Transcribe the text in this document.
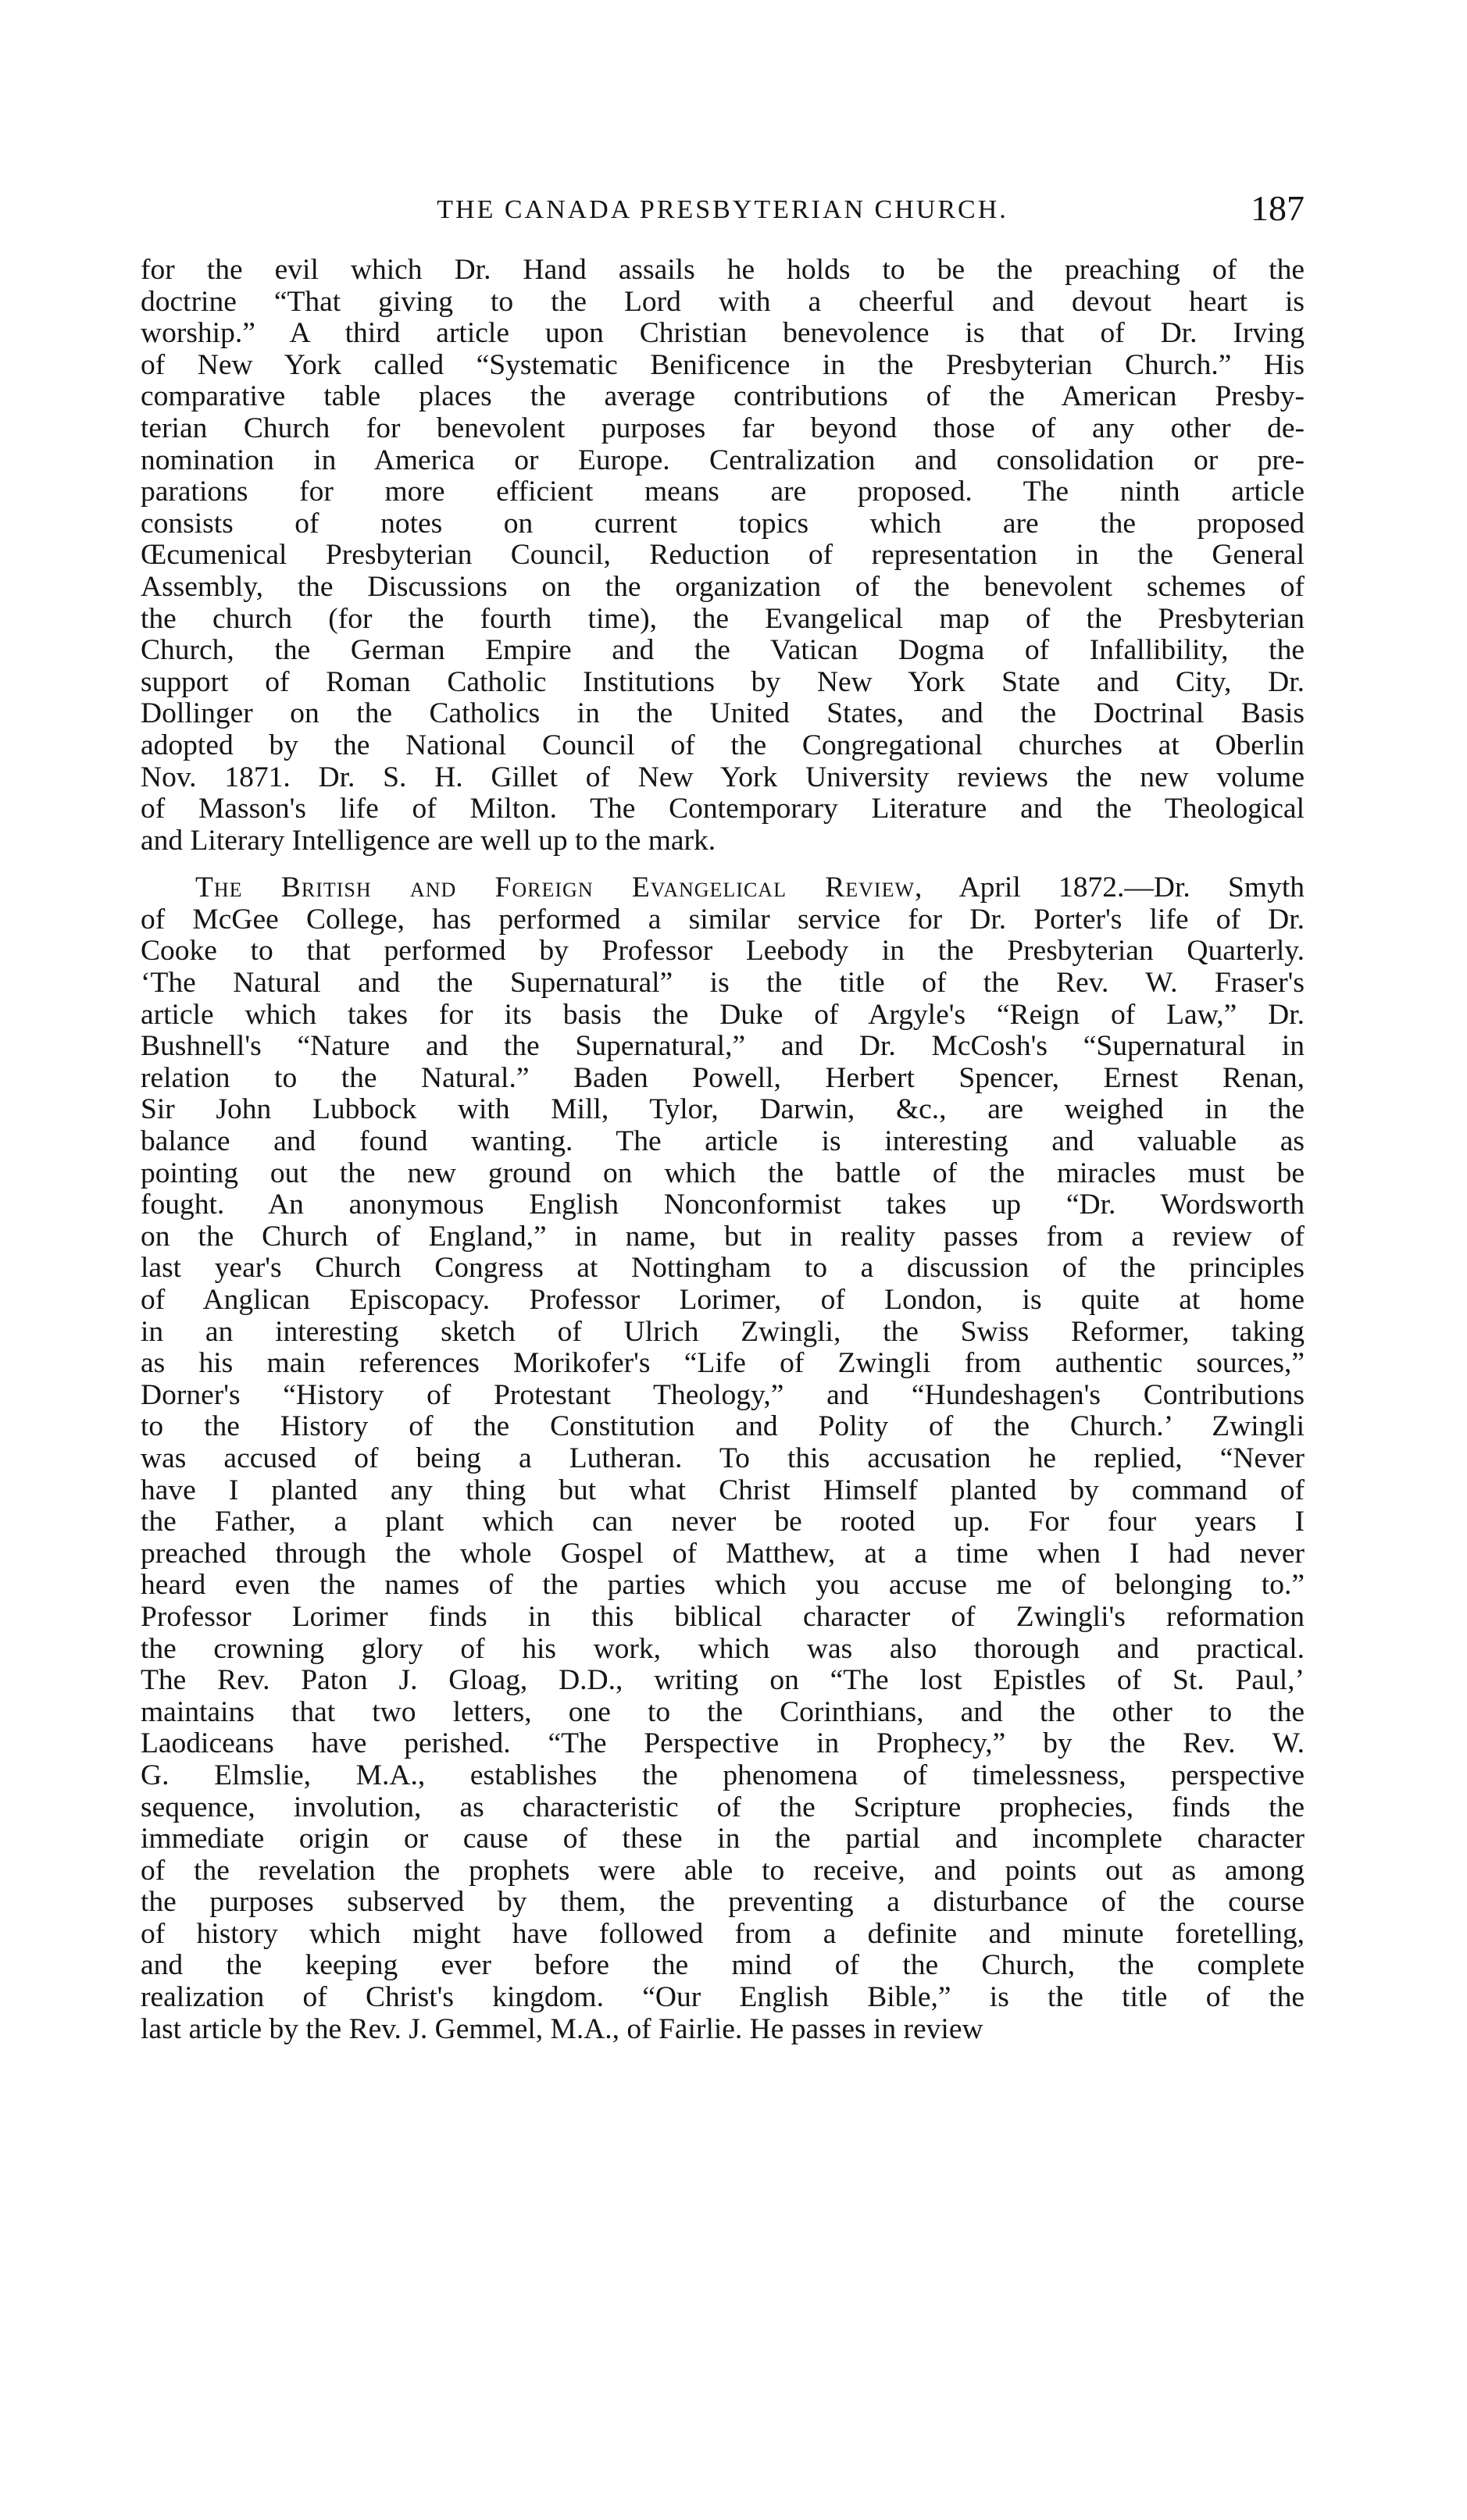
THE CANADA PRESBYTERIAN CHURCH.	187
for the evil which Dr. Hand assails he holds to be the preaching of the
doctrine “That giving to the Lord with a cheerful and devout heart is
worship.” A third article upon Christian benevolence is that of Dr. Irving
of New York called “Systematic Benificence in the Presbyterian Church.” His
comparative table places the average contributions of the American Presby-
terian Church for benevolent purposes far beyond those of any other de-
nomination in America or Europe. Centralization and consolidation or pre-
parations for more efficient means are proposed. The ninth article
consists of notes on current topics which are the proposed
Œcumenical Presbyterian Council, Reduction of representation in the General
Assembly, the Discussions on the organization of the benevolent schemes of
the church (for the fourth time), the Evangelical map of the Presbyterian
Church, the German Empire and the Vatican Dogma of Infallibility, the
support of Roman Catholic Institutions by New York State and City, Dr.
Dollinger on the Catholics in the United States, and the Doctrinal Basis
adopted by the National Council of the Congregational churches at Oberlin
Nov. 1871. Dr. S. H. Gillet of New York University reviews the new volume
of Masson's life of Milton. The Contemporary Literature and the Theological
and Literary Intelligence are well up to the mark.
The British and Foreign Evangelical Review, April 1872.—Dr. Smyth
of McGee College, has performed a similar service for Dr. Porter's life of Dr.
Cooke to that performed by Professor Leebody in the Presbyterian Quarterly.
‘The Natural and the Supernatural” is the title of the Rev. W. Fraser's
article which takes for its basis the Duke of Argyle's “Reign of Law,” Dr.
Bushnell's “Nature and the Supernatural,” and Dr. McCosh's “Supernatural in
relation to the Natural.” Baden Powell, Herbert Spencer, Ernest Renan,
Sir John Lubbock with Mill, Tylor, Darwin, &c., are weighed in the
balance and found wanting. The article is interesting and valuable as
pointing out the new ground on which the battle of the miracles must be
fought. An anonymous English Nonconformist takes up “Dr. Wordsworth
on the Church of England,” in name, but in reality passes from a review of
last year's Church Congress at Nottingham to a discussion of the principles
of Anglican Episcopacy. Professor Lorimer, of London, is quite at home
in an interesting sketch of Ulrich Zwingli, the Swiss Reformer, taking
as his main references Morikofer's “Life of Zwingli from authentic sources,”
Dorner's “History of Protestant Theology,” and “Hundeshagen's Contributions
to the History of the Constitution and Polity of the Church.’ Zwingli
was accused of being a Lutheran. To this accusation he replied, “Never
have I planted any thing but what Christ Himself planted by command of
the Father, a plant which can never be rooted up. For four years I
preached through the whole Gospel of Matthew, at a time when I had never
heard even the names of the parties which you accuse me of belonging to.”
Professor Lorimer finds in this biblical character of Zwingli's reformation
the crowning glory of his work, which was also thorough and practical.
The Rev. Paton J. Gloag, D.D., writing on “The lost Epistles of St. Paul,’
maintains that two letters, one to the Corinthians, and the other to the
Laodiceans have perished. “The Perspective in Prophecy,” by the Rev. W.
G. Elmslie, M.A., establishes the phenomena of timelessness, perspective
sequence, involution, as characteristic of the Scripture prophecies, finds the
immediate origin or cause of these in the partial and incomplete character
of the revelation the prophets were able to receive, and points out as among
the purposes subserved by them, the preventing a disturbance of the course
of history which might have followed from a definite and minute foretelling,
and the keeping ever before the mind of the Church, the complete
realization of Christ's kingdom. “Our English Bible,” is the title of the
last article by the Rev. J. Gemmel, M.A., of Fairlie. He passes in review
